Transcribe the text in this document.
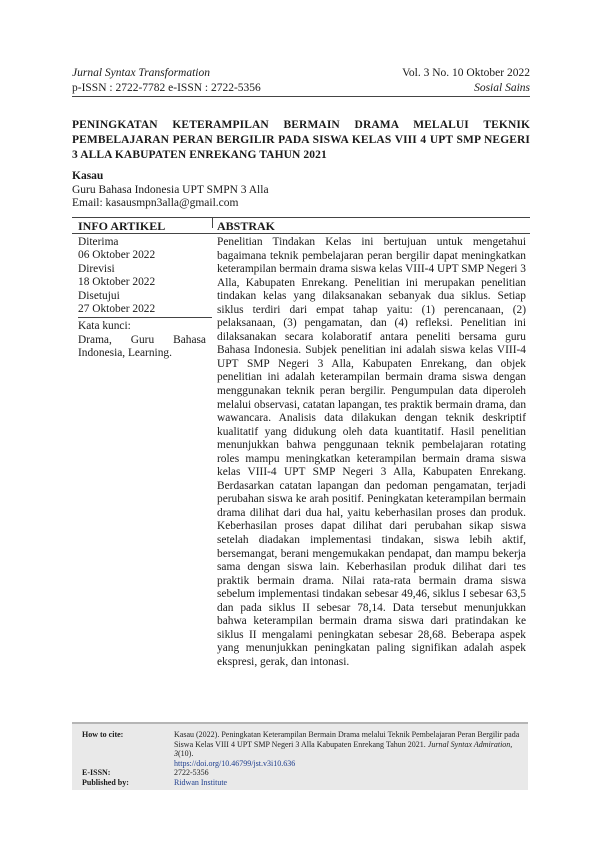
Jurnal Syntax Transformation	Vol. 3 No. 10 Oktober 2022
p-ISSN : 2722-7782 e-ISSN : 2722-5356	Sosial Sains
PENINGKATAN KETERAMPILAN BERMAIN DRAMA MELALUI TEKNIK PEMBELAJARAN PERAN BERGILIR PADA SISWA KELAS VIII 4 UPT SMP NEGERI 3 ALLA KABUPATEN ENREKANG TAHUN 2021
Kasau
Guru Bahasa Indonesia UPT SMPN 3 Alla
Email: kasausmpn3alla@gmail.com
INFO ARTIKEL	ABSTRAK
Diterima
06 Oktober 2022
Direvisi
18 Oktober 2022
Disetujui
27 Oktober 2022
Kata kunci:
Drama, Guru Bahasa Indonesia, Learning.
Penelitian Tindakan Kelas ini bertujuan untuk mengetahui bagaimana teknik pembelajaran peran bergilir dapat meningkatkan keterampilan bermain drama siswa kelas VIII-4 UPT SMP Negeri 3 Alla, Kabupaten Enrekang. Penelitian ini merupakan penelitian tindakan kelas yang dilaksanakan sebanyak dua siklus. Setiap siklus terdiri dari empat tahap yaitu: (1) perencanaan, (2) pelaksanaan, (3) pengamatan, dan (4) refleksi. Penelitian ini dilaksanakan secara kolaboratif antara peneliti bersama guru Bahasa Indonesia. Subjek penelitian ini adalah siswa kelas VIII-4 UPT SMP Negeri 3 Alla, Kabupaten Enrekang, dan objek penelitian ini adalah keterampilan bermain drama siswa dengan menggunakan teknik peran bergilir. Pengumpulan data diperoleh melalui observasi, catatan lapangan, tes praktik bermain drama, dan wawancara. Analisis data dilakukan dengan teknik deskriptif kualitatif yang didukung oleh data kuantitatif. Hasil penelitian menunjukkan bahwa penggunaan teknik pembelajaran rotating roles mampu meningkatkan keterampilan bermain drama siswa kelas VIII-4 UPT SMP Negeri 3 Alla, Kabupaten Enrekang. Berdasarkan catatan lapangan dan pedoman pengamatan, terjadi perubahan siswa ke arah positif. Peningkatan keterampilan bermain drama dilihat dari dua hal, yaitu keberhasilan proses dan produk. Keberhasilan proses dapat dilihat dari perubahan sikap siswa setelah diadakan implementasi tindakan, siswa lebih aktif, bersemangat, berani mengemukakan pendapat, dan mampu bekerja sama dengan siswa lain. Keberhasilan produk dilihat dari tes praktik bermain drama. Nilai rata-rata bermain drama siswa sebelum implementasi tindakan sebesar 49,46, siklus I sebesar 63,5 dan pada siklus II sebesar 78,14. Data tersebut menunjukkan bahwa keterampilan bermain drama siswa dari pratindakan ke siklus II mengalami peningkatan sebesar 28,68. Beberapa aspek yang menunjukkan peningkatan paling signifikan adalah aspek ekspresi, gerak, dan intonasi.
How to cite:	Kasau (2022). Peningkatan Keterampilan Bermain Drama melalui Teknik Pembelajaran Peran Bergilir pada Siswa Kelas VIII 4 UPT SMP Negeri 3 Alla Kabupaten Enrekang Tahun 2021. Jurnal Syntax Admiration, 3(10).
https://doi.org/10.46799/jst.v3i10.636
E-ISSN:	2722-5356
Published by:	Ridwan Institute
